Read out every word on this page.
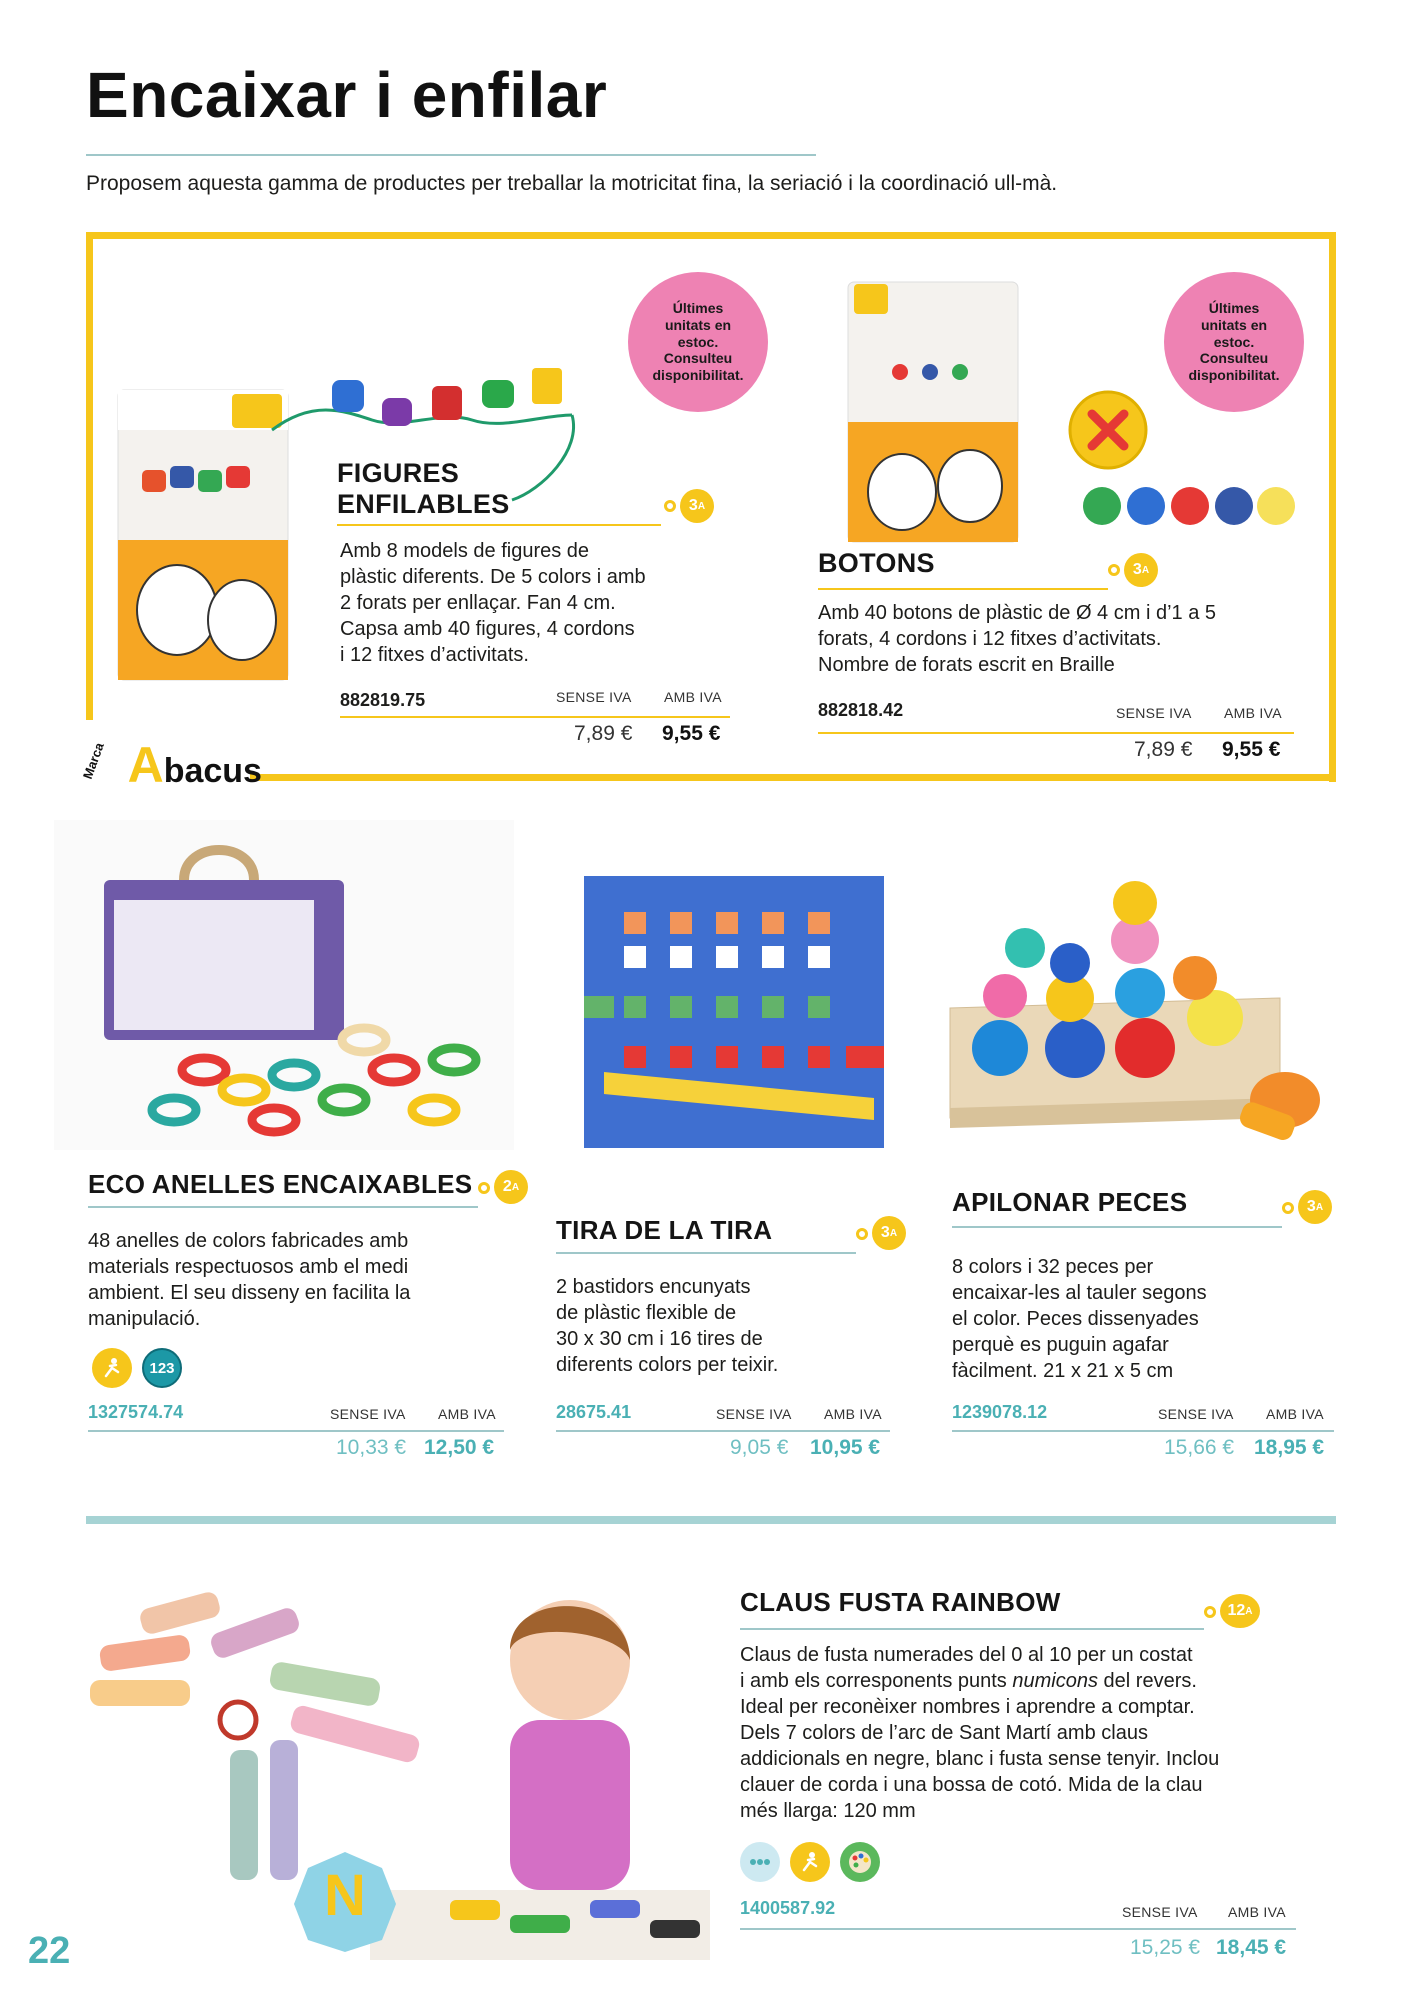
Encaixar i enfilar
Proposem aquesta gamma de productes per treballar la motricitat fina, la seriació i la coordinació ull-mà.
Marca Abacus
Últimes
unitats en
estoc. Consulteu
disponibilitat.
FIGURES
ENFILABLES	3 A
Amb 8 models de figures de
plàstic diferents. De 5 colors i amb
2 forats per enllaçar. Fan 4 cm.
Capsa amb 40 figures, 4 cordons
i 12 fitxes d’activitats.
882819.75	SENSE IVA AMB IVA
7,89 € 9,55 €
Últimes
unitats en
estoc. Consulteu
disponibilitat.
BOTONS	3 A
Amb 40 botons de plàstic de Ø 4 cm i d’1 a 5
forats, 4 cordons i 12 fitxes d’activitats.
Nombre de forats escrit en Braille
882818.42	SENSE IVA AMB IVA
7,89 € 9,55 €
ECO ANELLES ENCAIXABLES 2 A
48 anelles de colors fabricades amb
materials respectuosos amb el medi
ambient. El seu disseny en facilita la
manipulació.
123
1327574.74	SENSE IVA AMB IVA
10,33 € 12,50 €
TIRA DE LA TIRA	3 A
2 bastidors encunyats
de plàstic flexible de
30 x 30 cm i 16 tires de
diferents colors per teixir.
28675.41	SENSE IVA AMB IVA
9,05 € 10,95 €
APILONAR PECES	3 A
8 colors i 32 peces per
encaixar-les al tauler segons
el color. Peces dissenyades
perquè es puguin agafar
fàcilment. 21 x 21 x 5 cm
1239078.12	SENSE IVA AMB IVA
15,66 € 18,95 €
N
CLAUS FUSTA RAINBOW	12 A
Claus de fusta numerades del 0 al 10 per un costat
i amb els corresponents punts numicons del revers.
Ideal per reconèixer nombres i aprendre a comptar.
Dels 7 colors de l’arc de Sant Martí amb claus
addicionals en negre, blanc i fusta sense tenyir. Inclou
clauer de corda i una bossa de cotó. Mida de la clau
més llarga: 120 mm
1400587.92	SENSE IVA AMB IVA
15,25 € 18,45 €
22
